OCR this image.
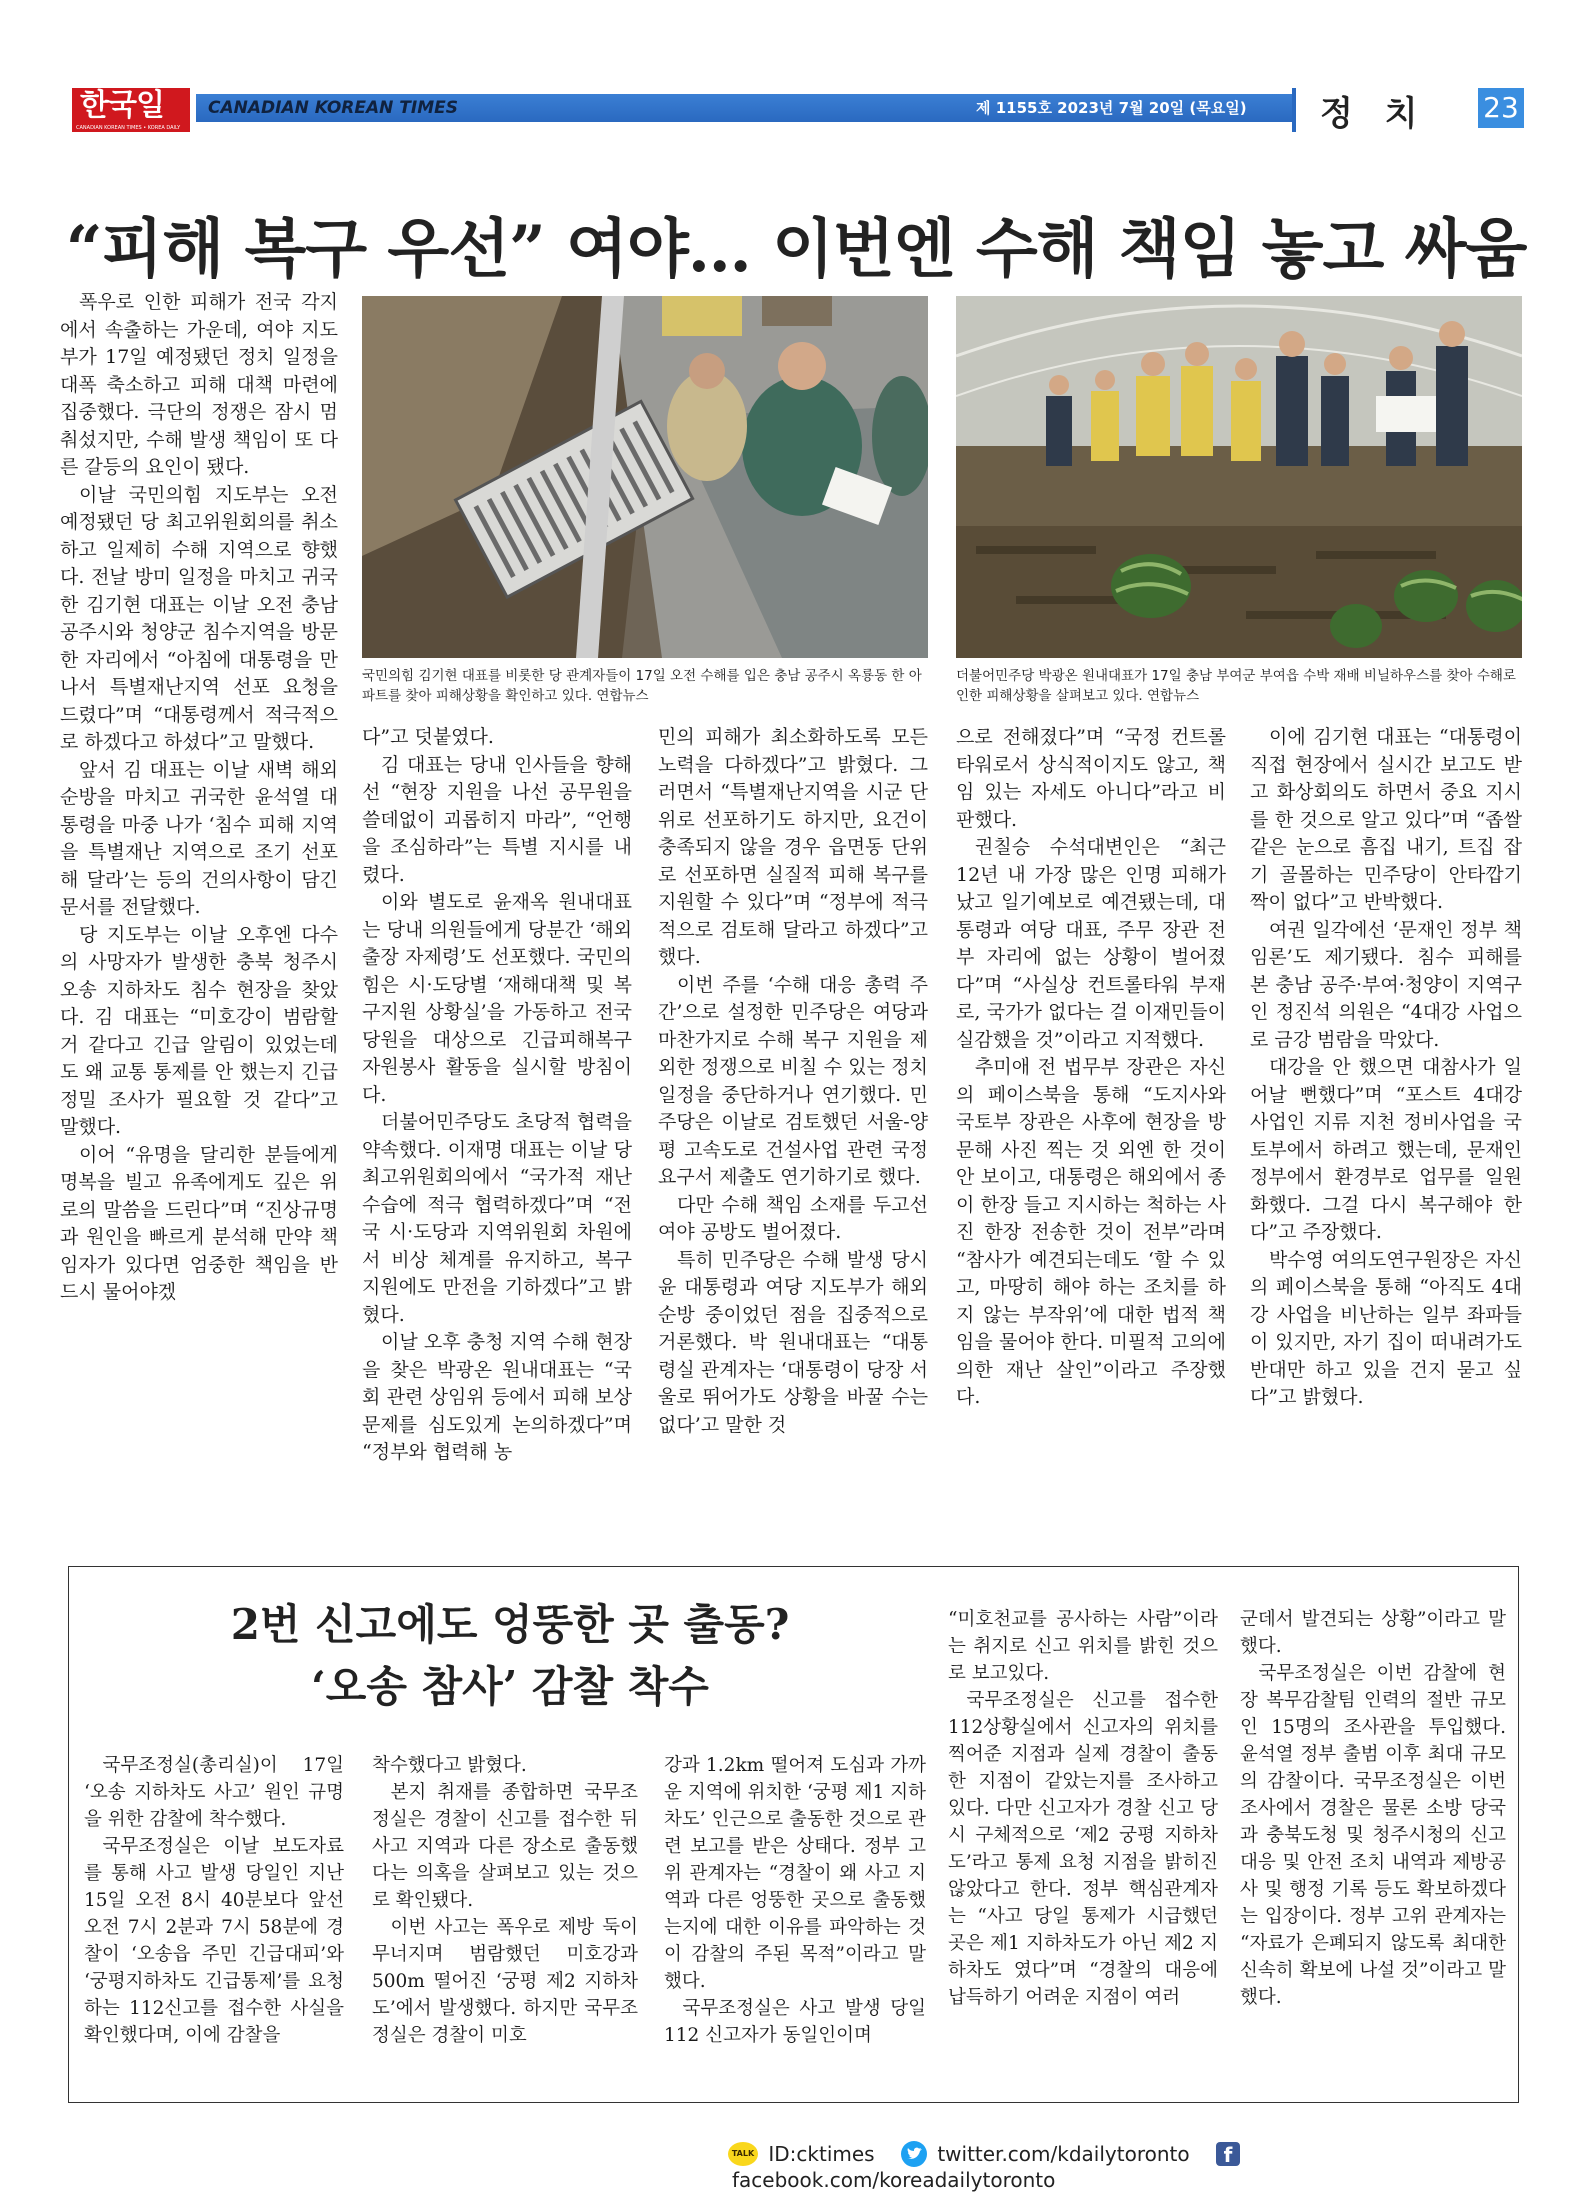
한국일
CANADIAN KOREAN TIMES • KOREA DAILY
CANADIAN KOREAN TIMES	제 1155호 2023년 7월 20일 (목요일) 정 치 23
“피해 복구 우선” 여야… 이번엔 수해 책임 놓고 싸움

폭우로 인한 피해가 전국 각지에서 속출하는 가운데, 여야 지도부가 17일 예정됐던 정치 일정을 대폭 축소하고 피해 대책 마련에 집중했다. 극단의 정쟁은 잠시 멈춰섰지만, 수해 발생 책임이 또 다른 갈등의 요인이 됐다.

이날 국민의힘 지도부는 오전 예정됐던 당 최고위원회의를 취소하고 일제히 수해 지역으로 향했다. 전날 방미 일정을 마치고 귀국한 김기현 대표는 이날 오전 충남 공주시와 청양군 침수지역을 방문한 자리에서 “아침에 대통령을 만나서 특별재난지역 선포 요청을 드렸다”며 “대통령께서 적극적으로 하겠다고 하셨다”고 말했다.

앞서 김 대표는 이날 새벽 해외 순방을 마치고 귀국한 윤석열 대통령을 마중 나가 ‘침수 피해 지역을 특별재난 지역으로 조기 선포해 달라’는 등의 건의사항이 담긴 문서를 전달했다.

당 지도부는 이날 오후엔 다수의 사망자가 발생한 충북 청주시 오송 지하차도 침수 현장을 찾았다. 김 대표는 “미호강이 범람할 거 같다고 긴급 알림이 있었는데도 왜 교통 통제를 안 했는지 긴급 정밀 조사가 필요할 것 같다”고 말했다.

이어 “유명을 달리한 분들에게 명복을 빌고 유족에게도 깊은 위로의 말씀을 드린다”며 “진상규명과 원인을 빠르게 분석해 만약 책임자가 있다면 엄중한 책임을 반드시 물어야겠

국민의힘 김기현 대표를 비롯한 당 관계자들이 17일 오전 수해를 입은 충남 공주시 옥룡동 한 아파트를 찾아 피해상황을 확인하고 있다. 연합뉴스
더불어민주당 박광온 원내대표가 17일 충남 부여군 부여읍 수박 재배 비닐하우스를 찾아 수해로 인한 피해상황을 살펴보고 있다. 연합뉴스

다”고 덧붙였다.

김 대표는 당내 인사들을 향해선 “현장 지원을 나선 공무원을 쓸데없이 괴롭히지 마라”, “언행을 조심하라”는 특별 지시를 내렸다.

이와 별도로 윤재옥 원내대표는 당내 의원들에게 당분간 ‘해외출장 자제령’도 선포했다. 국민의힘은 시·도당별 ‘재해대책 및 복구지원 상황실’을 가동하고 전국 당원을 대상으로 긴급피해복구 자원봉사 활동을 실시할 방침이다.

더불어민주당도 초당적 협력을 약속했다. 이재명 대표는 이날 당 최고위원회의에서 “국가적 재난 수습에 적극 협력하겠다”며 “전국 시·도당과 지역위원회 차원에서 비상 체계를 유지하고, 복구 지원에도 만전을 기하겠다”고 밝혔다.

이날 오후 충청 지역 수해 현장을 찾은 박광온 원내대표는 “국회 관련 상임위 등에서 피해 보상 문제를 심도있게 논의하겠다”며 “정부와 협력해 농

민의 피해가 최소화하도록 모든 노력을 다하겠다”고 밝혔다. 그러면서 “특별재난지역을 시군 단위로 선포하기도 하지만, 요건이 충족되지 않을 경우 읍면동 단위로 선포하면 실질적 피해 복구를 지원할 수 있다”며 “정부에 적극적으로 검토해 달라고 하겠다”고 했다.

이번 주를 ‘수해 대응 총력 주간’으로 설정한 민주당은 여당과 마찬가지로 수해 복구 지원을 제외한 정쟁으로 비칠 수 있는 정치 일정을 중단하거나 연기했다. 민주당은 이날로 검토했던 서울-양평 고속도로 건설사업 관련 국정 요구서 제출도 연기하기로 했다.

다만 수해 책임 소재를 두고선 여야 공방도 벌어졌다.

특히 민주당은 수해 발생 당시 윤 대통령과 여당 지도부가 해외 순방 중이었던 점을 집중적으로 거론했다. 박 원내대표는 “대통령실 관계자는 ‘대통령이 당장 서울로 뛰어가도 상황을 바꿀 수는 없다’고 말한 것

으로 전해졌다”며 “국정 컨트롤 타워로서 상식적이지도 않고, 책임 있는 자세도 아니다”라고 비판했다.

권칠승 수석대변인은 “최근 12년 내 가장 많은 인명 피해가 났고 일기예보로 예견됐는데, 대통령과 여당 대표, 주무 장관 전부 자리에 없는 상황이 벌어졌다”며 “사실상 컨트롤타워 부재로, 국가가 없다는 걸 이재민들이 실감했을 것”이라고 지적했다.

추미애 전 법무부 장관은 자신의 페이스북을 통해 “도지사와 국토부 장관은 사후에 현장을 방문해 사진 찍는 것 외엔 한 것이 안 보이고, 대통령은 해외에서 종이 한장 들고 지시하는 척하는 사진 한장 전송한 것이 전부”라며 “참사가 예견되는데도 ‘할 수 있고, 마땅히 해야 하는 조치를 하지 않는 부작위’에 대한 법적 책임을 물어야 한다. 미필적 고의에 의한 재난 살인”이라고 주장했다.

이에 김기현 대표는 “대통령이 직접 현장에서 실시간 보고도 받고 화상회의도 하면서 중요 지시를 한 것으로 알고 있다”며 “좁쌀 같은 눈으로 흠집 내기, 트집 잡기 골몰하는 민주당이 안타깝기 짝이 없다”고 반박했다.

여권 일각에선 ‘문재인 정부 책임론’도 제기됐다. 침수 피해를 본 충남 공주·부여·청양이 지역구인 정진석 의원은 “4대강 사업으로 금강 범람을 막았다.

대강을 안 했으면 대참사가 일어날 뻔했다”며 “포스트 4대강 사업인 지류 지천 정비사업을 국토부에서 하려고 했는데, 문재인 정부에서 환경부로 업무를 일원화했다. 그걸 다시 복구해야 한다”고 주장했다.

박수영 여의도연구원장은 자신의 페이스북을 통해 “아직도 4대강 사업을 비난하는 일부 좌파들이 있지만, 자기 집이 떠내려가도 반대만 하고 있을 건지 묻고 싶다”고 밝혔다.

2번 신고에도 엉뚱한 곳 출동?
‘오송 참사’ 감찰 착수

“미호천교를 공사하는 사람”이라는 취지로 신고 위치를 밝힌 것으로 보고있다.

국무조정실은 신고를 접수한 112상황실에서 신고자의 위치를 찍어준 지점과 실제 경찰이 출동한 지점이 같았는지를 조사하고 있다. 다만 신고자가 경찰 신고 당시 구체적으로 ‘제2 궁평 지하차도’라고 통제 요청 지점을 밝히진 않았다고 한다. 정부 핵심관계자는 “사고 당일 통제가 시급했던 곳은 제1 지하차도가 아닌 제2 지하차도 였다”며 “경찰의 대응에 납득하기 어려운 지점이 여러

군데서 발견되는 상황”이라고 말했다.

국무조정실은 이번 감찰에 현장 복무감찰팀 인력의 절반 규모인 15명의 조사관을 투입했다. 윤석열 정부 출범 이후 최대 규모의 감찰이다. 국무조정실은 이번 조사에서 경찰은 물론 소방 당국과 충북도청 및 청주시청의 신고 대응 및 안전 조치 내역과 제방공사 및 행정 기록 등도 확보하겠다는 입장이다. 정부 고위 관계자는 “자료가 은폐되지 않도록 최대한 신속히 확보에 나설 것”이라고 말했다.

국무조정실(총리실)이 17일 ‘오송 지하차도 사고’ 원인 규명을 위한 감찰에 착수했다.

국무조정실은 이날 보도자료를 통해 사고 발생 당일인 지난 15일 오전 8시 40분보다 앞선 오전 7시 2분과 7시 58분에 경찰이 ‘오송읍 주민 긴급대피’와 ‘궁평지하차도 긴급통제’를 요청하는 112신고를 접수한 사실을 확인했다며, 이에 감찰을

착수했다고 밝혔다.

본지 취재를 종합하면 국무조정실은 경찰이 신고를 접수한 뒤 사고 지역과 다른 장소로 출동했다는 의혹을 살펴보고 있는 것으로 확인됐다.

이번 사고는 폭우로 제방 둑이 무너지며 범람했던 미호강과 500m 떨어진 ‘궁평 제2 지하차도’에서 발생했다. 하지만 국무조정실은 경찰이 미호

강과 1.2km 떨어져 도심과 가까운 지역에 위치한 ‘궁평 제1 지하차도’ 인근으로 출동한 것으로 관련 보고를 받은 상태다. 정부 고위 관계자는 “경찰이 왜 사고 지역과 다른 엉뚱한 곳으로 출동했는지에 대한 이유를 파악하는 것이 감찰의 주된 목적”이라고 말했다.

국무조정실은 사고 발생 당일 112 신고자가 동일인이며

TALK ID:cktimes	twitter.com/kdailytoronto f facebook.com/koreadailytoronto
